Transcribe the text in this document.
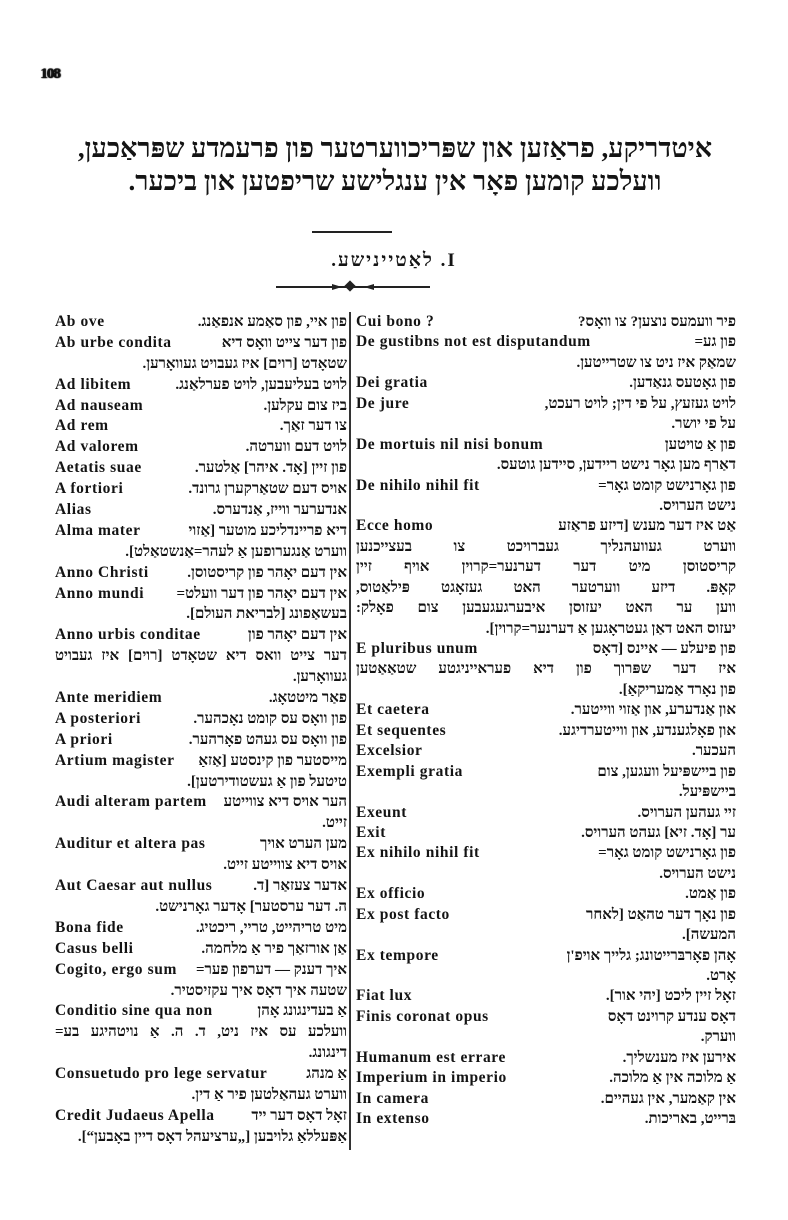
108
איטדריקע, פראַזען און שפּריכווערטער פון פרעמדע שפּראַכען,
וועלכע קומען פאָר אין ענגלישע שריפטען און ביכער.
I. לאַטיינישע.
Ab ove	פון איי, פון סאַמע אנפאַנג.
Ab urbe condita	פון דער צייט וואָס דיא
שטאָדט [רוים] איז געבויט געוואָרען.
Ad libitem	לויט בעליעבען, לויט פערלאַנג.
Ad nauseam	ביז צום עקלען.
Ad rem	צו דער זאַך.
Ad valorem	לויט דעם ווערטה.
Aetatis suae	פון זיין [אָד. איהר] אַלטער.
A fortiori	אויס דעם שטאַרקערן גרונד.
Alias	אנדערער ווייז, אַנדערס.
Alma mater	דיא פריינדליכע מוטער [אַזוי
ווערט אַנגערופען אַ לעהר=אַנשטאַלט].
Anno Christi	אין דעם יאָהר פון קריסטוסן.
Anno mundi אין דעם יאָהר פון דער וועלט=
בעשאַפונג [לבריאת העולם].
Anno urbis conditae	אין דעם יאָהר פון
דער צייט וואס דיא שטאָדט [רוים] איז געבויט
געוואָרען.
Ante meridiem	פאַר מיטטאָג.
A posteriori	פון וואָס עס קומט נאָכהער.
A priori	פון וואָס עס געהט פאָרהער.
Artium magister מייסטער פון קינסטע [אַזאַ
טיטעל פון אַ געשטודירטען].
Audi alteram partem הער אויס דיא צווייטע
זייט.
Auditur et altera pas	מען הערט אויך
אויס דיא צווייטע זייט.
Aut Caesar aut nullus	אדער צעזאַר [ד.
ה. דער ערסטער] אָדער גאָרנישט.
Bona fide	מיט טריהייט, טריי, ריכטיג.
Casus belli	אַן אורזאַך פיר אַ מלחמה.
Cogito, ergo sum איך דענק — דערפון פער=
שטעה איך דאָס איך עקזיסטיר.
Conditio sine qua non	אַ בעדינגונג אָהן
וועלכע עס איז ניט, ד. ה. אַ נויטהיגע בע=
דינגונג.
Consuetudo pro lege servatur	אַ מנהג
ווערט געהאַלטען פיר אַ דין.
Credit Judaeus Apella זאָל דאָס דער ייד
אַפּעללאַ גלויבען [„ערציעהל דאָס דיין באָבען“].
Cui bono ?	פיר וועמעס נוצען? צו וואָס?
De gustibns not est disputandum	פון גע=
שמאַק איז ניט צו שטרייטען.
Dei gratia	פון גאָטעס גנאַדען.
De jure	לויט געזעץ, על פי דין; לויט רעכט,
על פי יושר.
De mortuis nil nisi bonum	פון אַ טויטען
דאַרף מען גאָר נישט ריידען, סיידען גוטעס.
De nihilo nihil fit	פון גאָרנישט קומט גאָר=
נישט הערויס.
Ecce homo	אַט איז דער מענש [דיזע פראַזע
ווערט געוועהנליך געברויכט צו בעצייכנען
קריסטוסן מיט דער דערנער=קרוין אויף זיין
קאָפּ. דיזע ווערטער האט געזאָגט פּילאַטוס,
ווען ער האט יעזוסן איבערגעגעבען צום פאָלק:
יעזוס האט דאַן געטראָגען אַ דערנער=קרוין].
E pluribus unum	פון פיעלע — איינס [דאָס
איז דער שפּרוך פון דיא פעראייניגטע שטאַאַטען
פון נאָרד אַמעריקאַ].
Et caetera	און אַנדערע, און אַזוי ווייטער.
Et sequentes	און פאָלגענדע, און ווייטערדיגע.
Excelsior	העכער.
Exempli gratia	פון ביישפּיעל וועגען, צום
ביישפּיעל.
Exeunt	זיי געהען הערויס.
Exit	ער [אָד. זיא] געהט הערויס.
Ex nihilo nihil fit	פון גאָרנישט קומט גאָר=
נישט הערויס.
Ex officio	פון אַמט.
Ex post facto	פון נאָך דער טהאַט [לאחר
המעשה].
Ex tempore	אָהן פאָרבּרייטונג; גלייך אויפ'ן
אָרט.
Fiat lux	זאָל זיין ליכט [יהי אור].
Finis coronat opus	דאָס ענדע קרוינט דאָס
ווערק.
Humanum est errare	אירען איז מענשליך.
Imperium in imperio	אַ מלוכה אין אַ מלוכה.
In camera	אין קאַמער, אין געהיים.
In extenso	בּרייט, באריכות.
